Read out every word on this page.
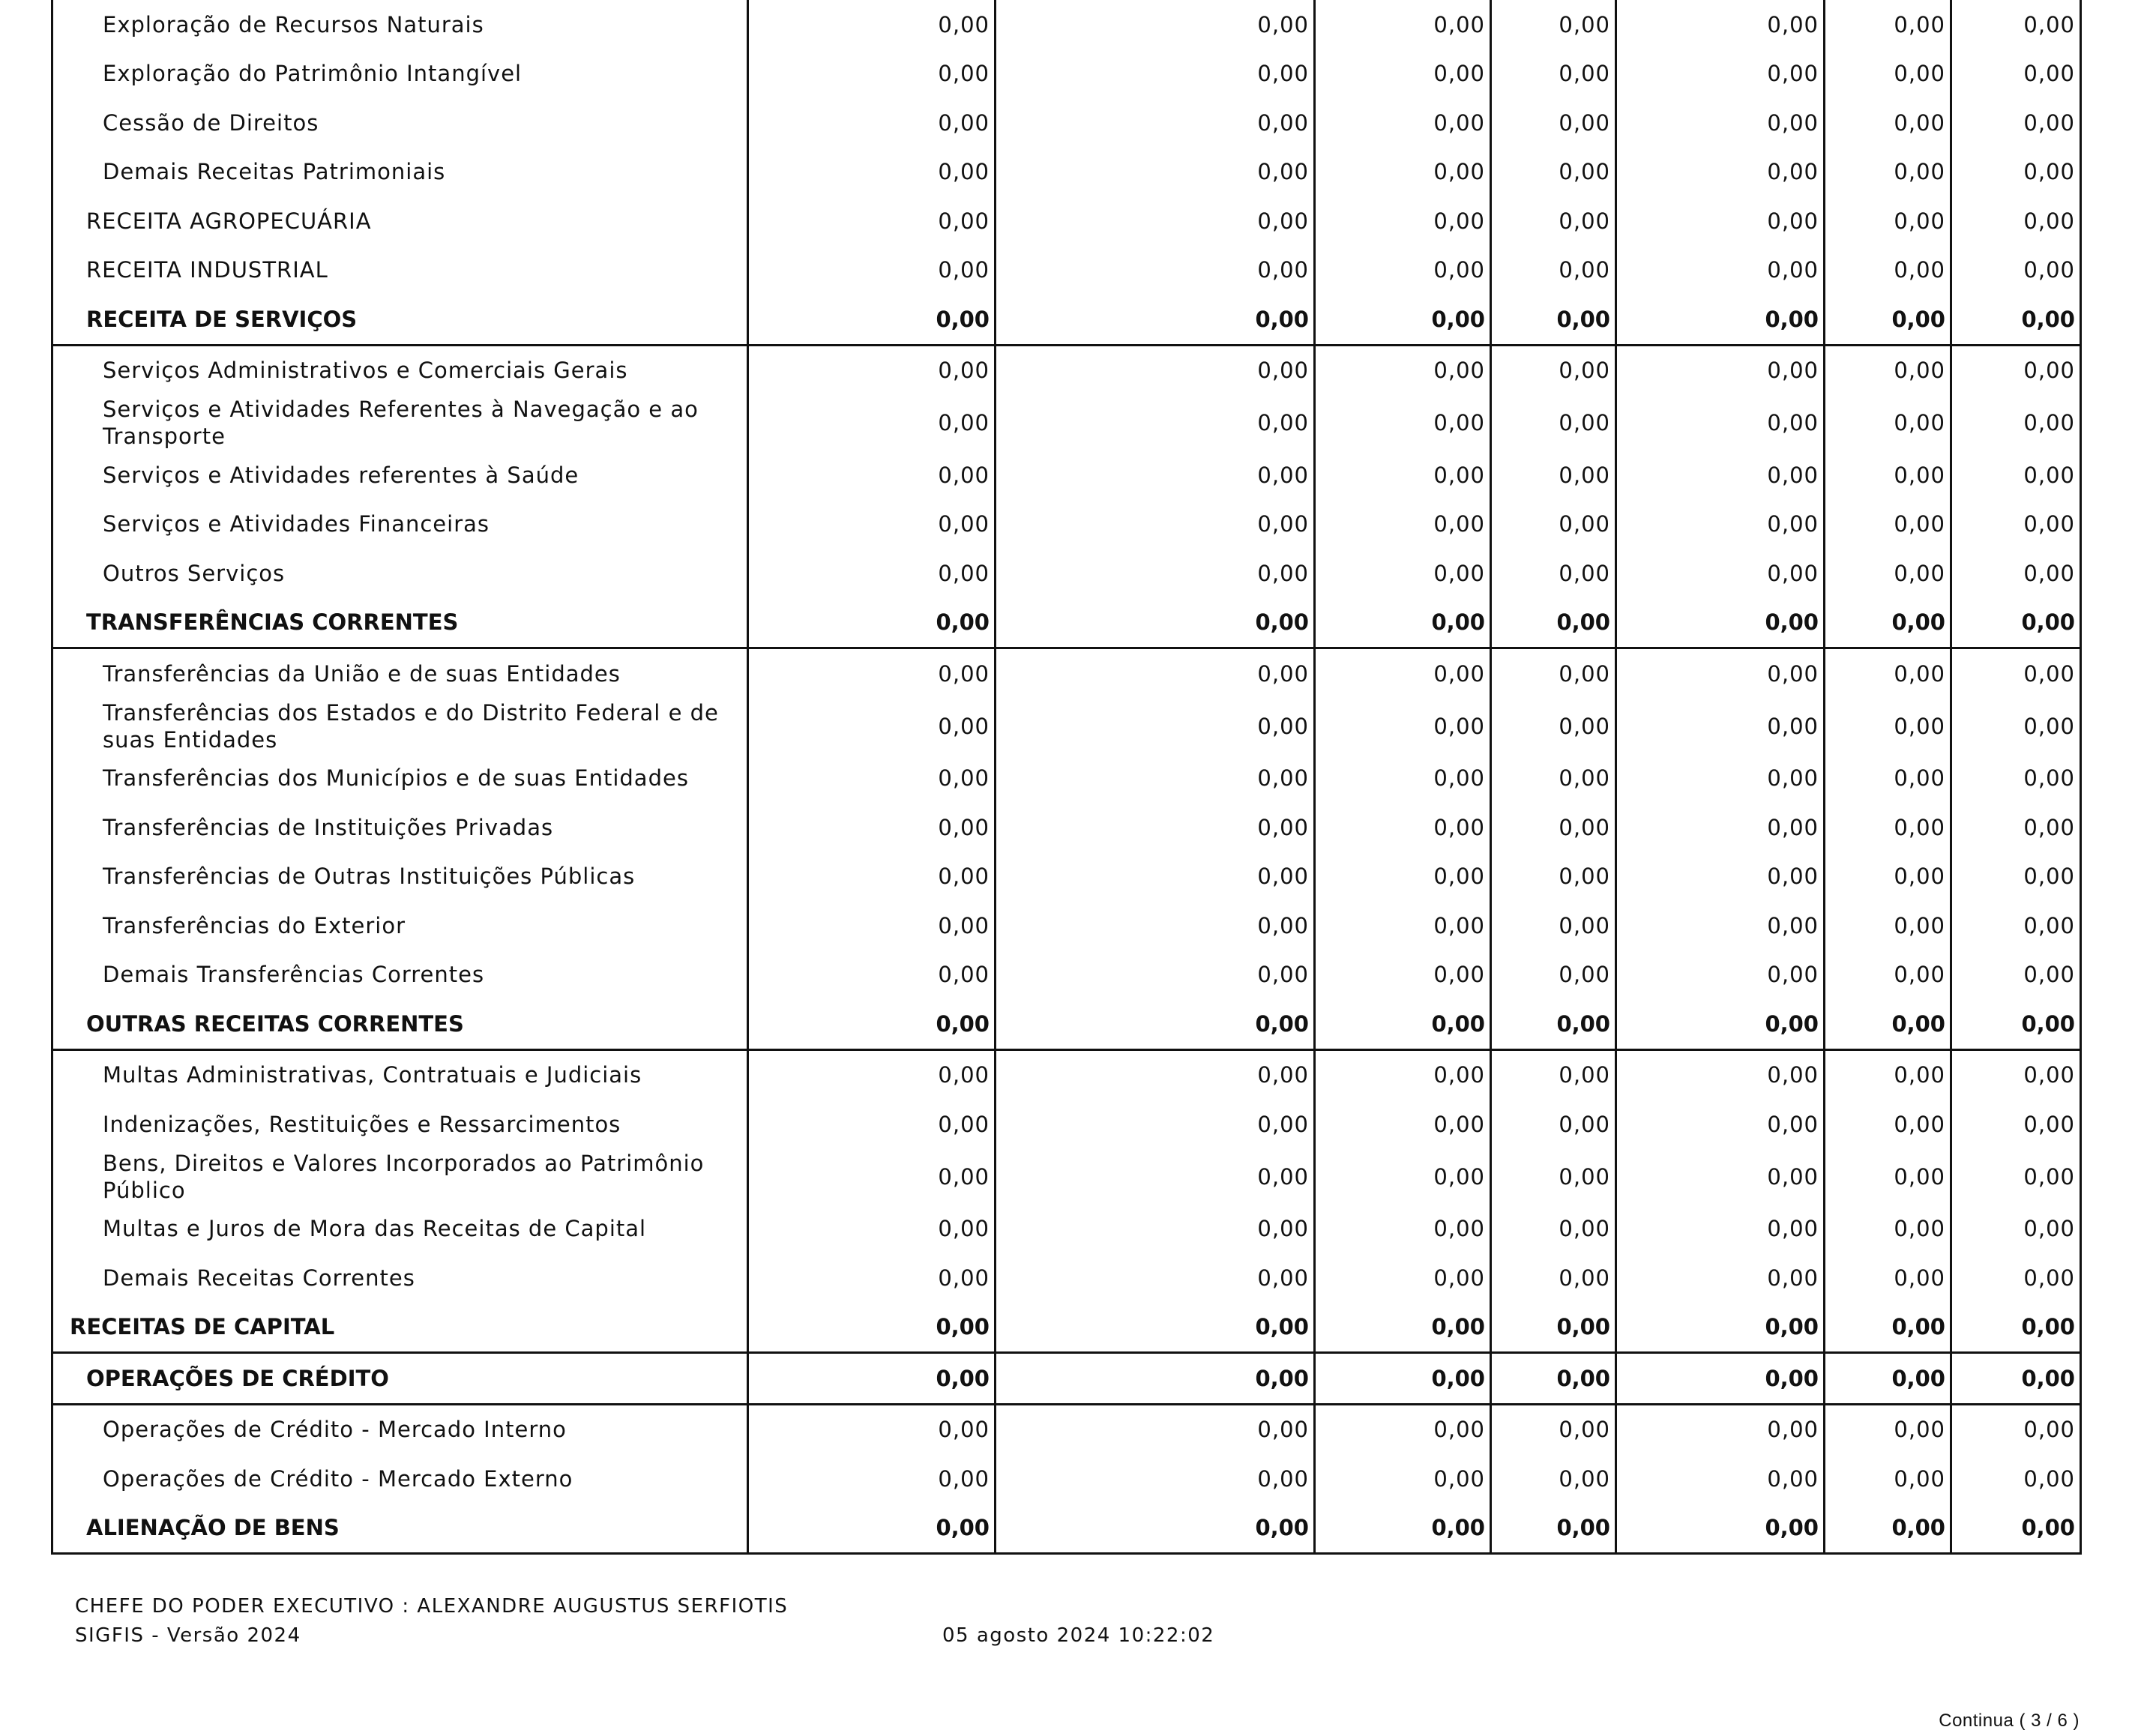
Exploração de Recursos Naturais	0,00	0,00	0,00	0,00	0,00	0,00	0,00
Exploração do Patrimônio Intangível	0,00	0,00	0,00	0,00	0,00	0,00	0,00
Cessão de Direitos	0,00	0,00	0,00	0,00	0,00	0,00	0,00
Demais Receitas Patrimoniais	0,00	0,00	0,00	0,00	0,00	0,00	0,00
RECEITA AGROPECUÁRIA	0,00	0,00	0,00	0,00	0,00	0,00	0,00
RECEITA INDUSTRIAL	0,00	0,00	0,00	0,00	0,00	0,00	0,00
RECEITA DE SERVIÇOS	0,00	0,00	0,00	0,00	0,00	0,00	0,00
Serviços Administrativos e Comerciais Gerais	0,00	0,00	0,00	0,00	0,00	0,00	0,00
Serviços e Atividades Referentes à Navegação e ao Transporte	0,00	0,00	0,00	0,00	0,00	0,00	0,00
Serviços e Atividades referentes à Saúde	0,00	0,00	0,00	0,00	0,00	0,00	0,00
Serviços e Atividades Financeiras	0,00	0,00	0,00	0,00	0,00	0,00	0,00
Outros Serviços	0,00	0,00	0,00	0,00	0,00	0,00	0,00
TRANSFERÊNCIAS CORRENTES	0,00	0,00	0,00	0,00	0,00	0,00	0,00
Transferências da União e de suas Entidades	0,00	0,00	0,00	0,00	0,00	0,00	0,00
Transferências dos Estados e do Distrito Federal e de suas Entidades	0,00	0,00	0,00	0,00	0,00	0,00	0,00
Transferências dos Municípios e de suas Entidades	0,00	0,00	0,00	0,00	0,00	0,00	0,00
Transferências de Instituições Privadas	0,00	0,00	0,00	0,00	0,00	0,00	0,00
Transferências de Outras Instituições Públicas	0,00	0,00	0,00	0,00	0,00	0,00	0,00
Transferências do Exterior	0,00	0,00	0,00	0,00	0,00	0,00	0,00
Demais Transferências Correntes	0,00	0,00	0,00	0,00	0,00	0,00	0,00
OUTRAS RECEITAS CORRENTES	0,00	0,00	0,00	0,00	0,00	0,00	0,00
Multas Administrativas, Contratuais e Judiciais	0,00	0,00	0,00	0,00	0,00	0,00	0,00
Indenizações, Restituições e Ressarcimentos	0,00	0,00	0,00	0,00	0,00	0,00	0,00
Bens, Direitos e Valores Incorporados ao Patrimônio Público	0,00	0,00	0,00	0,00	0,00	0,00	0,00
Multas e Juros de Mora das Receitas de Capital	0,00	0,00	0,00	0,00	0,00	0,00	0,00
Demais Receitas Correntes	0,00	0,00	0,00	0,00	0,00	0,00	0,00
RECEITAS DE CAPITAL	0,00	0,00	0,00	0,00	0,00	0,00	0,00
OPERAÇÕES DE CRÉDITO	0,00	0,00	0,00	0,00	0,00	0,00	0,00
Operações de Crédito - Mercado Interno	0,00	0,00	0,00	0,00	0,00	0,00	0,00
Operações de Crédito - Mercado Externo	0,00	0,00	0,00	0,00	0,00	0,00	0,00
ALIENAÇÃO DE BENS	0,00	0,00	0,00	0,00	0,00	0,00	0,00
CHEFE DO PODER EXECUTIVO : ALEXANDRE AUGUSTUS SERFIOTIS
SIGFIS - Versão 2024	05 agosto 2024 10:22:02
Continua ( 3 / 6 )
